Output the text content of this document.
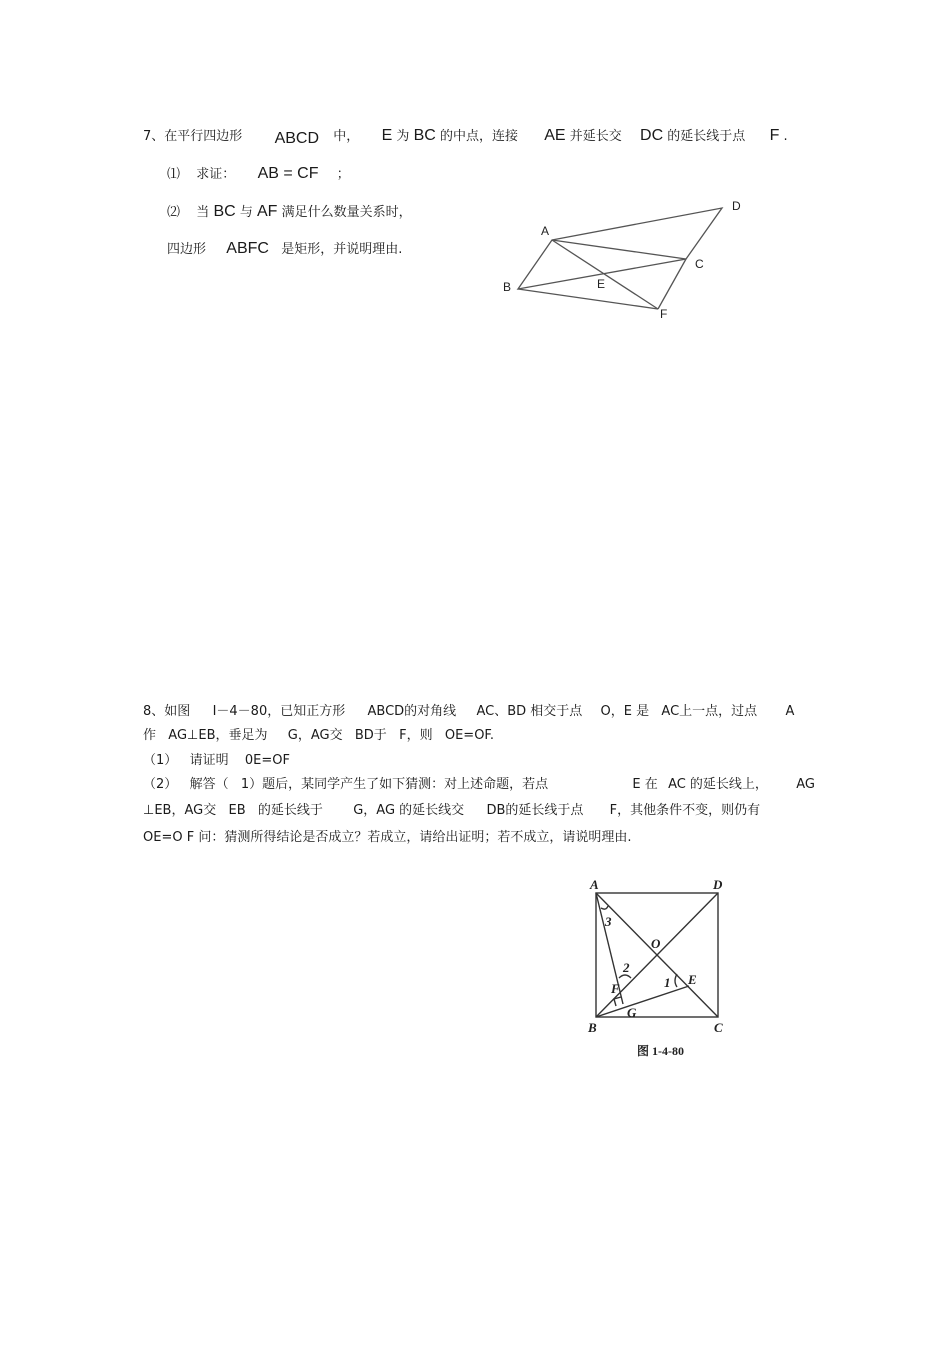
7、在平行四边形 ABCD 中， E 为 BC 的中点，连接 AE 并延长交 DC 的延长线于点 F .
⑴ 求证： AB = CF ；
⑵ 当 BC 与 AF 满足什么数量关系时，
四边形 ABFC 是矩形，并说明理由.
A
D
C
B	E
F
8、如图 Ⅰ－4－80，已知正方形 ABCD的对角线 AC、BD 相交于点 O，E 是 AC上一点，过点 A
作 AG⊥EB，垂足为 G，AG交 BD于 F，则 OE=OF.
（1） 请证明 0E=OF
（2） 解答（ 1）题后，某同学产生了如下猜测：对上述命题，若点	E 在 AC 的延长线上， AG
⊥EB，AG交 EB 的延长线于 G，AG 的延长线交 DB的延长线于点 F，其他条件不变，则仍有
OE=O F 问：猜测所得结论是否成立？若成立，请给出证明；若不成立，请说明理由.
A	D
B	C
O
E
F
G
1
2
3
图 1-4-80
